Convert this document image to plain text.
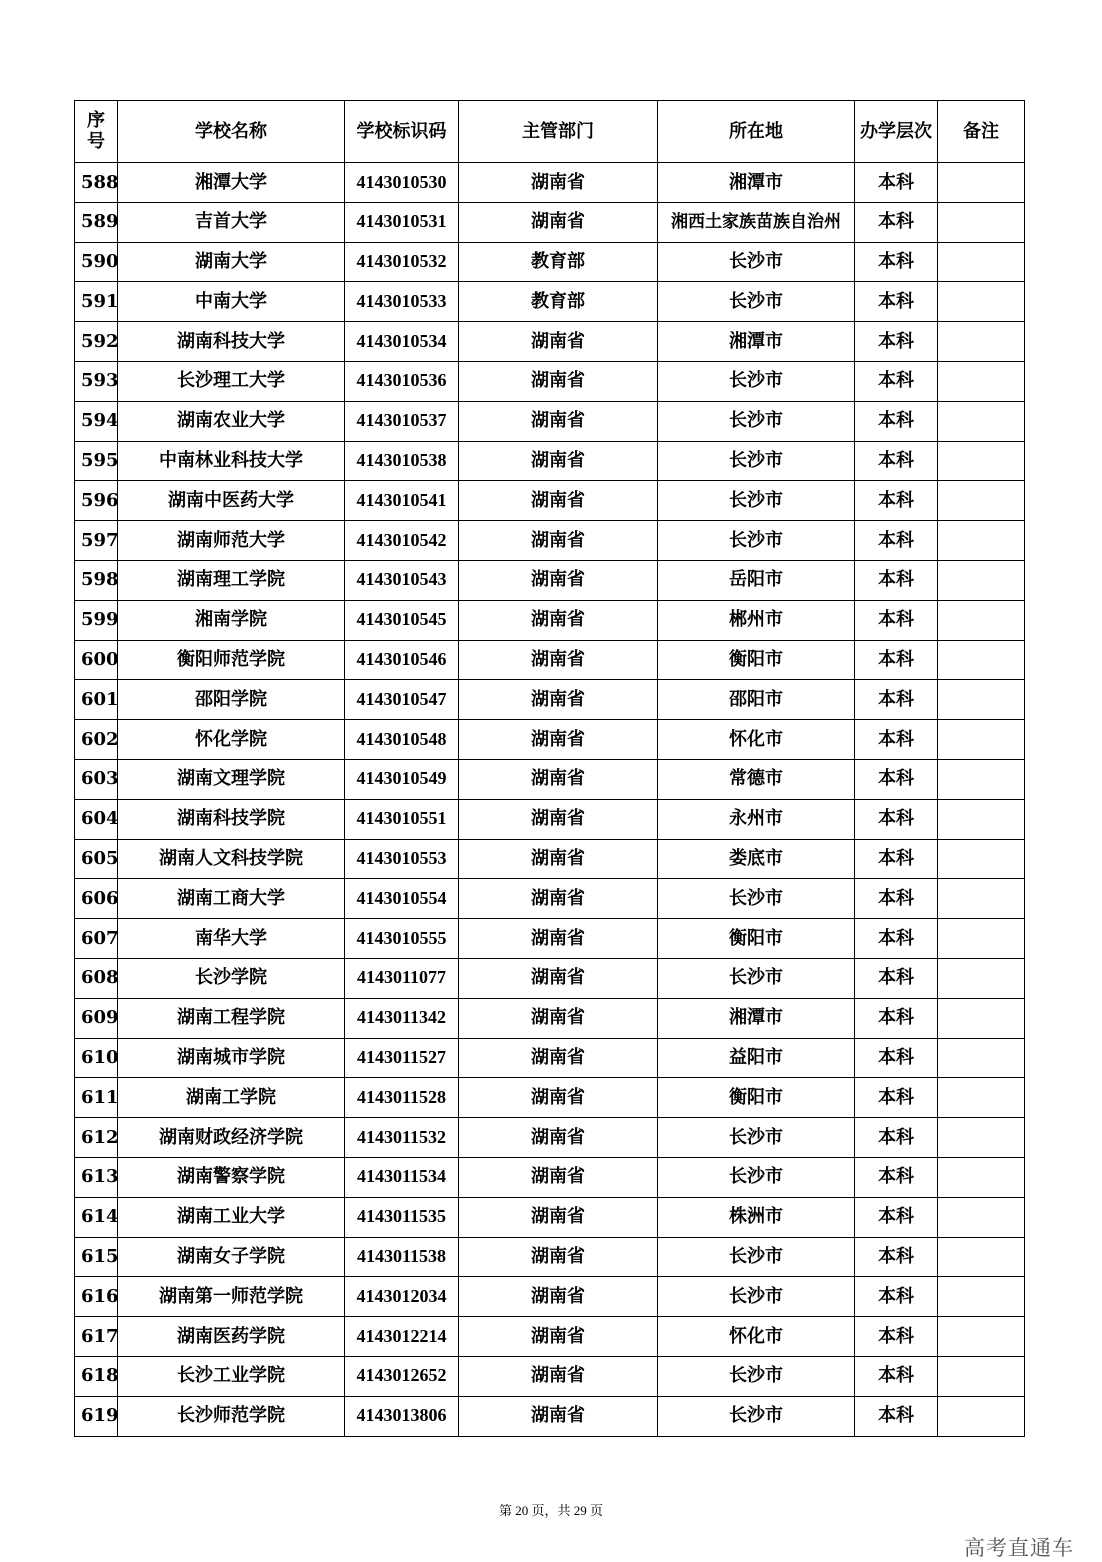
序
号	学校名称	学校标识码	主管部门	所在地	办学层次	备注
588	湘潭大学	4143010530	湖南省	湘潭市	本科	
589	吉首大学	4143010531	湖南省	湘西土家族苗族自治州	本科	
590	湖南大学	4143010532	教育部	长沙市	本科	
591	中南大学	4143010533	教育部	长沙市	本科	
592	湖南科技大学	4143010534	湖南省	湘潭市	本科	
593	长沙理工大学	4143010536	湖南省	长沙市	本科	
594	湖南农业大学	4143010537	湖南省	长沙市	本科	
595	中南林业科技大学	4143010538	湖南省	长沙市	本科	
596	湖南中医药大学	4143010541	湖南省	长沙市	本科	
597	湖南师范大学	4143010542	湖南省	长沙市	本科	
598	湖南理工学院	4143010543	湖南省	岳阳市	本科	
599	湘南学院	4143010545	湖南省	郴州市	本科	
600	衡阳师范学院	4143010546	湖南省	衡阳市	本科	
601	邵阳学院	4143010547	湖南省	邵阳市	本科	
602	怀化学院	4143010548	湖南省	怀化市	本科	
603	湖南文理学院	4143010549	湖南省	常德市	本科	
604	湖南科技学院	4143010551	湖南省	永州市	本科	
605	湖南人文科技学院	4143010553	湖南省	娄底市	本科	
606	湖南工商大学	4143010554	湖南省	长沙市	本科	
607	南华大学	4143010555	湖南省	衡阳市	本科	
608	长沙学院	4143011077	湖南省	长沙市	本科	
609	湖南工程学院	4143011342	湖南省	湘潭市	本科	
610	湖南城市学院	4143011527	湖南省	益阳市	本科	
611	湖南工学院	4143011528	湖南省	衡阳市	本科	
612	湖南财政经济学院	4143011532	湖南省	长沙市	本科	
613	湖南警察学院	4143011534	湖南省	长沙市	本科	
614	湖南工业大学	4143011535	湖南省	株洲市	本科	
615	湖南女子学院	4143011538	湖南省	长沙市	本科	
616	湖南第一师范学院	4143012034	湖南省	长沙市	本科	
617	湖南医药学院	4143012214	湖南省	怀化市	本科	
618	长沙工业学院	4143012652	湖南省	长沙市	本科	
619	长沙师范学院	4143013806	湖南省	长沙市	本科	
第 20 页，共 29 页
高考直通车
